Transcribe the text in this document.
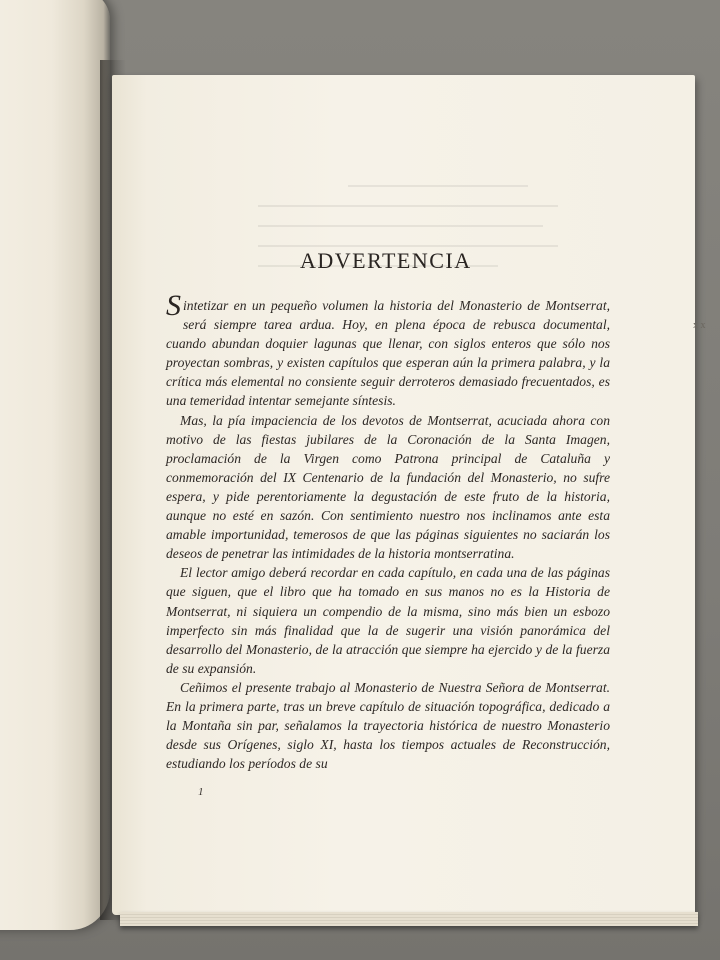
ADVERTENCIA

Sintetizar en un pequeño volumen la historia del Monasterio de Montserrat, será siempre tarea ardua. Hoy, en plena época de rebusca documental, cuando abundan doquier lagunas que llenar, con siglos enteros que sólo nos proyectan sombras, y existen capítulos que esperan aún la primera palabra, y la crítica más elemental no consiente seguir derroteros demasiado frecuentados, es una temeridad intentar semejante síntesis.

Mas, la pía impaciencia de los devotos de Montserrat, acuciada ahora con motivo de las fiestas jubilares de la Coronación de la Santa Imagen, proclamación de la Virgen como Patrona principal de Cataluña y conmemoración del IX Centenario de la fundación del Monasterio, no sufre espera, y pide perentoriamente la degustación de este fruto de la historia, aunque no esté en sazón. Con sentimiento nuestro nos inclinamos ante esta amable importunidad, temerosos de que las páginas siguientes no saciarán los deseos de penetrar las intimidades de la historia montserratina.

El lector amigo deberá recordar en cada capítulo, en cada una de las páginas que siguen, que el libro que ha tomado en sus manos no es la Historia de Montserrat, ni siquiera un compendio de la misma, sino más bien un esbozo imperfecto sin más finalidad que la de sugerir una visión panorámica del desarrollo del Monasterio, de la atracción que siempre ha ejercido y de la fuerza de su expansión.

Ceñimos el presente trabajo al Monasterio de Nuestra Señora de Montserrat. En la primera parte, tras un breve capítulo de situación topográfica, dedicado a la Montaña sin par, señalamos la trayectoria histórica de nuestro Monasterio desde sus Orígenes, siglo XI, hasta los tiempos actuales de Reconstrucción, estudiando los períodos de su

1
x x
